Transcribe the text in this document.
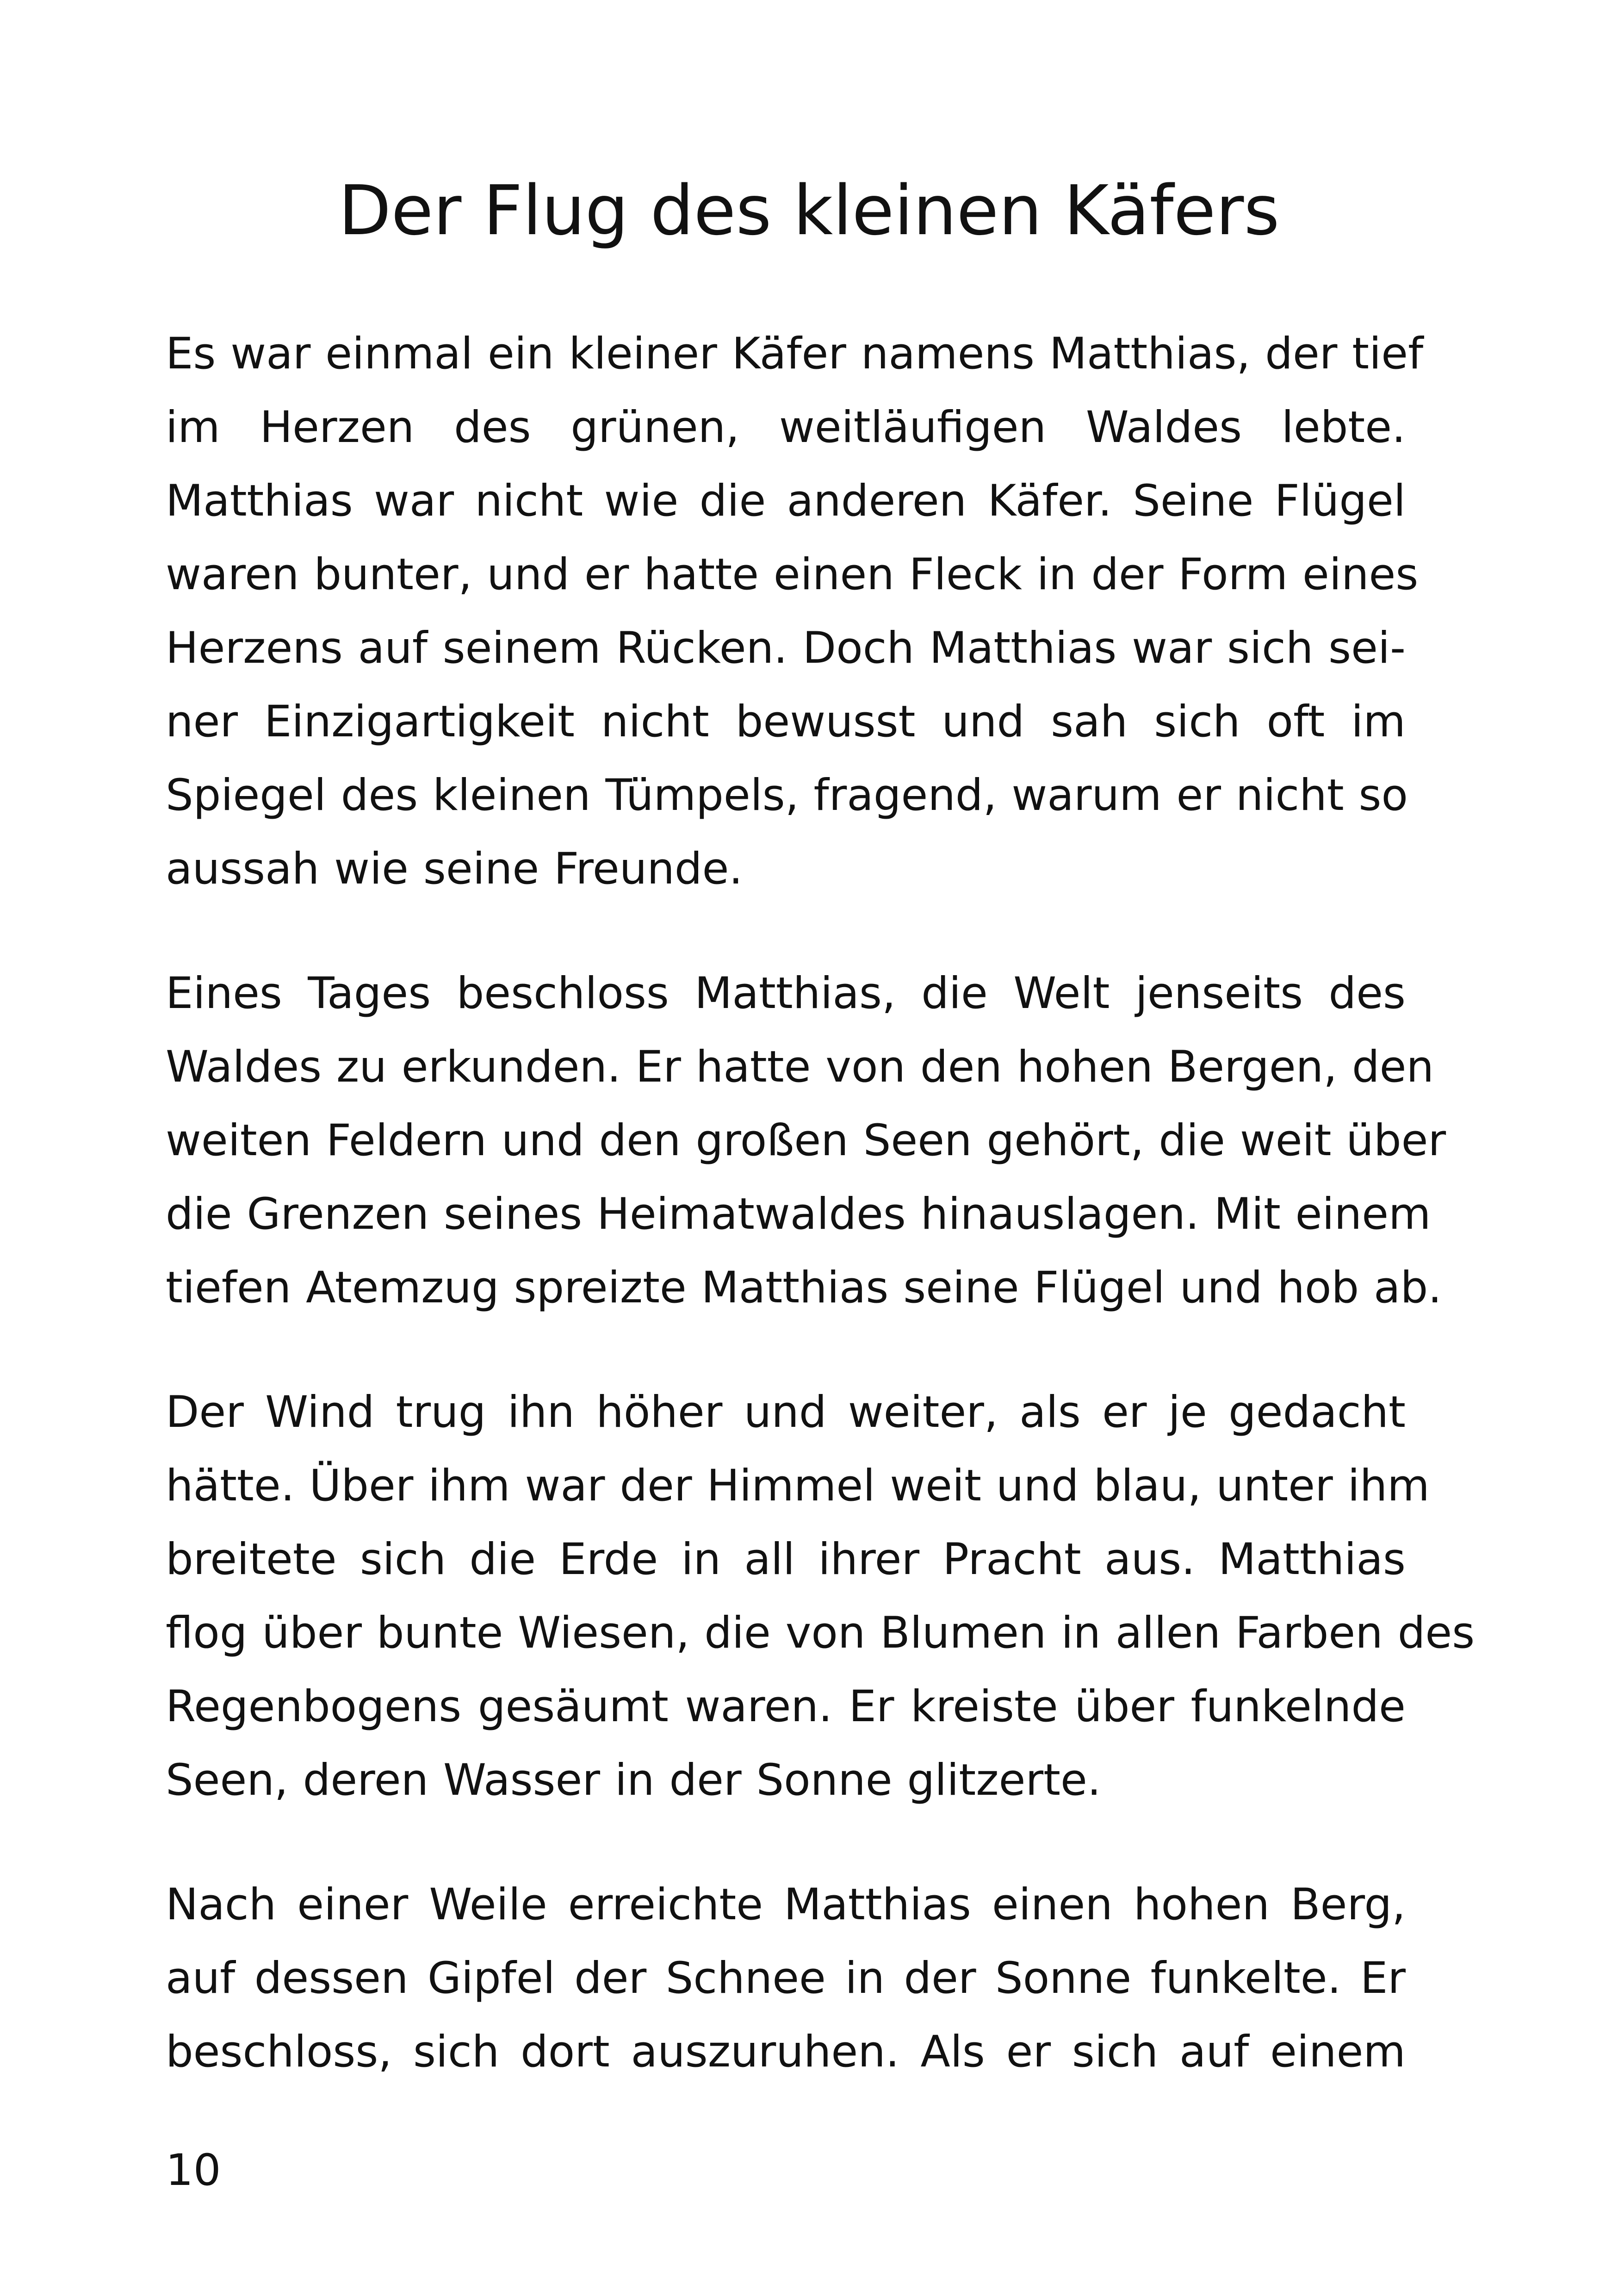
Der Flug des kleinen Käfers

Es war einmal ein kleiner Käfer namens Matthias, der tief
im Herzen des grünen, weitläufigen Waldes lebte.
Matthias war nicht wie die anderen Käfer. Seine Flügel
waren bunter, und er hatte einen Fleck in der Form eines
Herzens auf seinem Rücken. Doch Matthias war sich sei-
ner Einzigartigkeit nicht bewusst und sah sich oft im
Spiegel des kleinen Tümpels, fragend, warum er nicht so
aussah wie seine Freunde.

Eines Tages beschloss Matthias, die Welt jenseits des
Waldes zu erkunden. Er hatte von den hohen Bergen, den
weiten Feldern und den großen Seen gehört, die weit über
die Grenzen seines Heimatwaldes hinauslagen. Mit einem
tiefen Atemzug spreizte Matthias seine Flügel und hob ab.

Der Wind trug ihn höher und weiter, als er je gedacht
hätte. Über ihm war der Himmel weit und blau, unter ihm
breitete sich die Erde in all ihrer Pracht aus. Matthias
flog über bunte Wiesen, die von Blumen in allen Farben des
Regenbogens gesäumt waren. Er kreiste über funkelnde
Seen, deren Wasser in der Sonne glitzerte.

Nach einer Weile erreichte Matthias einen hohen Berg,
auf dessen Gipfel der Schnee in der Sonne funkelte. Er
beschloss, sich dort auszuruhen. Als er sich auf einem

10
